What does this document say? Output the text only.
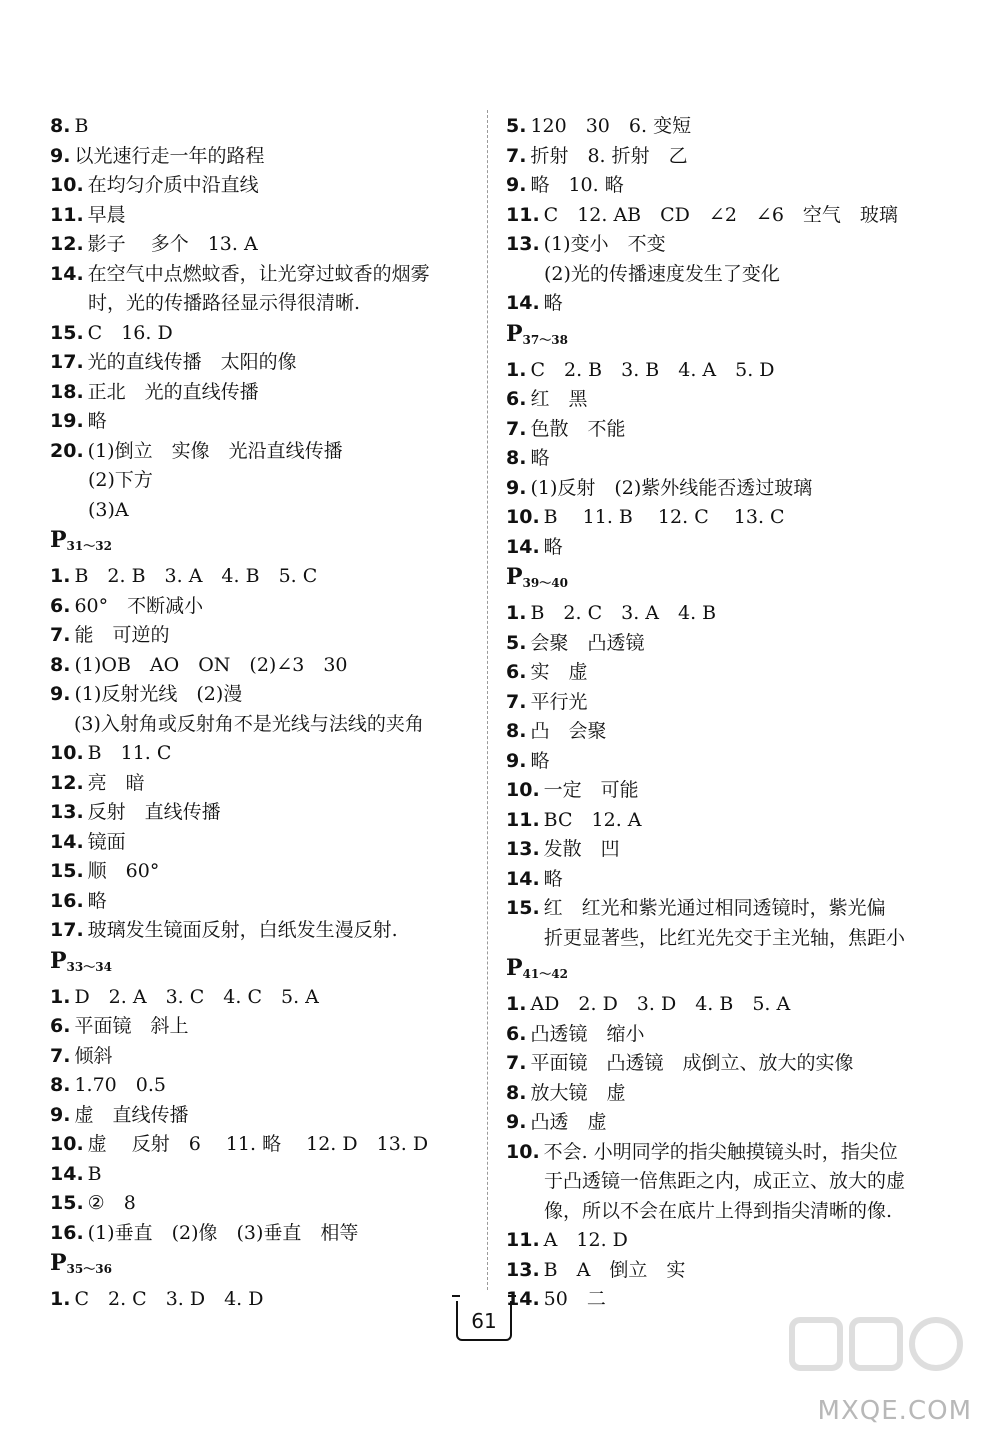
8. B
9. 以光速行走一年的路程
10. 在均匀介质中沿直线
11. 早晨
12. 影子　 多个　13. A
14. 在空气中点燃蚊香，让光穿过蚊香的烟雾
时，光的传播路径显示得很清晰.
15. C　16. D
17. 光的直线传播　太阳的像
18. 正北　光的直线传播
19. 略
20. (1)倒立　实像　光沿直线传播
(2)下方
(3)A
$P_{31\sim 32}$
1. B　2. B　3. A　4. B　5. C
6. 60°　不断减小
7. 能　可逆的
8. (1)OB　AO　ON　(2)∠3　30
9. (1)反射光线　(2)漫
(3)入射角或反射角不是光线与法线的夹角
10. B　11. C
12. 亮　暗
13. 反射　直线传播
14. 镜面
15. 顺　60°
16. 略
17. 玻璃发生镜面反射，白纸发生漫反射.
$P_{33\sim 34}$
1. D　2. A　3. C　4. C　5. A
6. 平面镜　斜上
7. 倾斜
8. 1.70　0.5
9. 虚　直线传播
10. 虚　 反射　6　 11. 略　 12. D　13. D
14. B
15. ②　8
16. (1)垂直　(2)像　(3)垂直　相等
$P_{35\sim 36}$
1. C　2. C　3. D　4. D
5. 120　30　6. 变短
7. 折射　8. 折射　乙
9. 略　10. 略
11. C　12. AB　CD　∠2　∠6　空气　玻璃
13. (1)变小　不变
(2)光的传播速度发生了变化
14. 略
$P_{37\sim 38}$
1. C　2. B　3. B　4. A　5. D
6. 红　黑
7. 色散　不能
8. 略
9. (1)反射　(2)紫外线能否透过玻璃
10. B　 11. B　 12. C　 13. C
14. 略
$P_{39\sim 40}$
1. B　2. C　3. A　4. B
5. 会聚　凸透镜
6. 实　虚
7. 平行光
8. 凸　会聚
9. 略
10. 一定　可能
11. BC　12. A
13. 发散　凹
14. 略
15. 红　红光和紫光通过相同透镜时，紫光偏
折更显著些，比红光先交于主光轴，焦距小
$P_{41\sim 42}$
1. AD　2. D　3. D　4. B　5. A
6. 凸透镜　缩小
7. 平面镜　凸透镜　成倒立、放大的实像
8. 放大镜　虚
9. 凸透　虚
10. 不会. 小明同学的指尖触摸镜头时，指尖位
于凸透镜一倍焦距之内，成正立、放大的虚
像，所以不会在底片上得到指尖清晰的像.
11. A　12. D
13. B　A　倒立　实
14. 50　二
61
MXQE.COM
